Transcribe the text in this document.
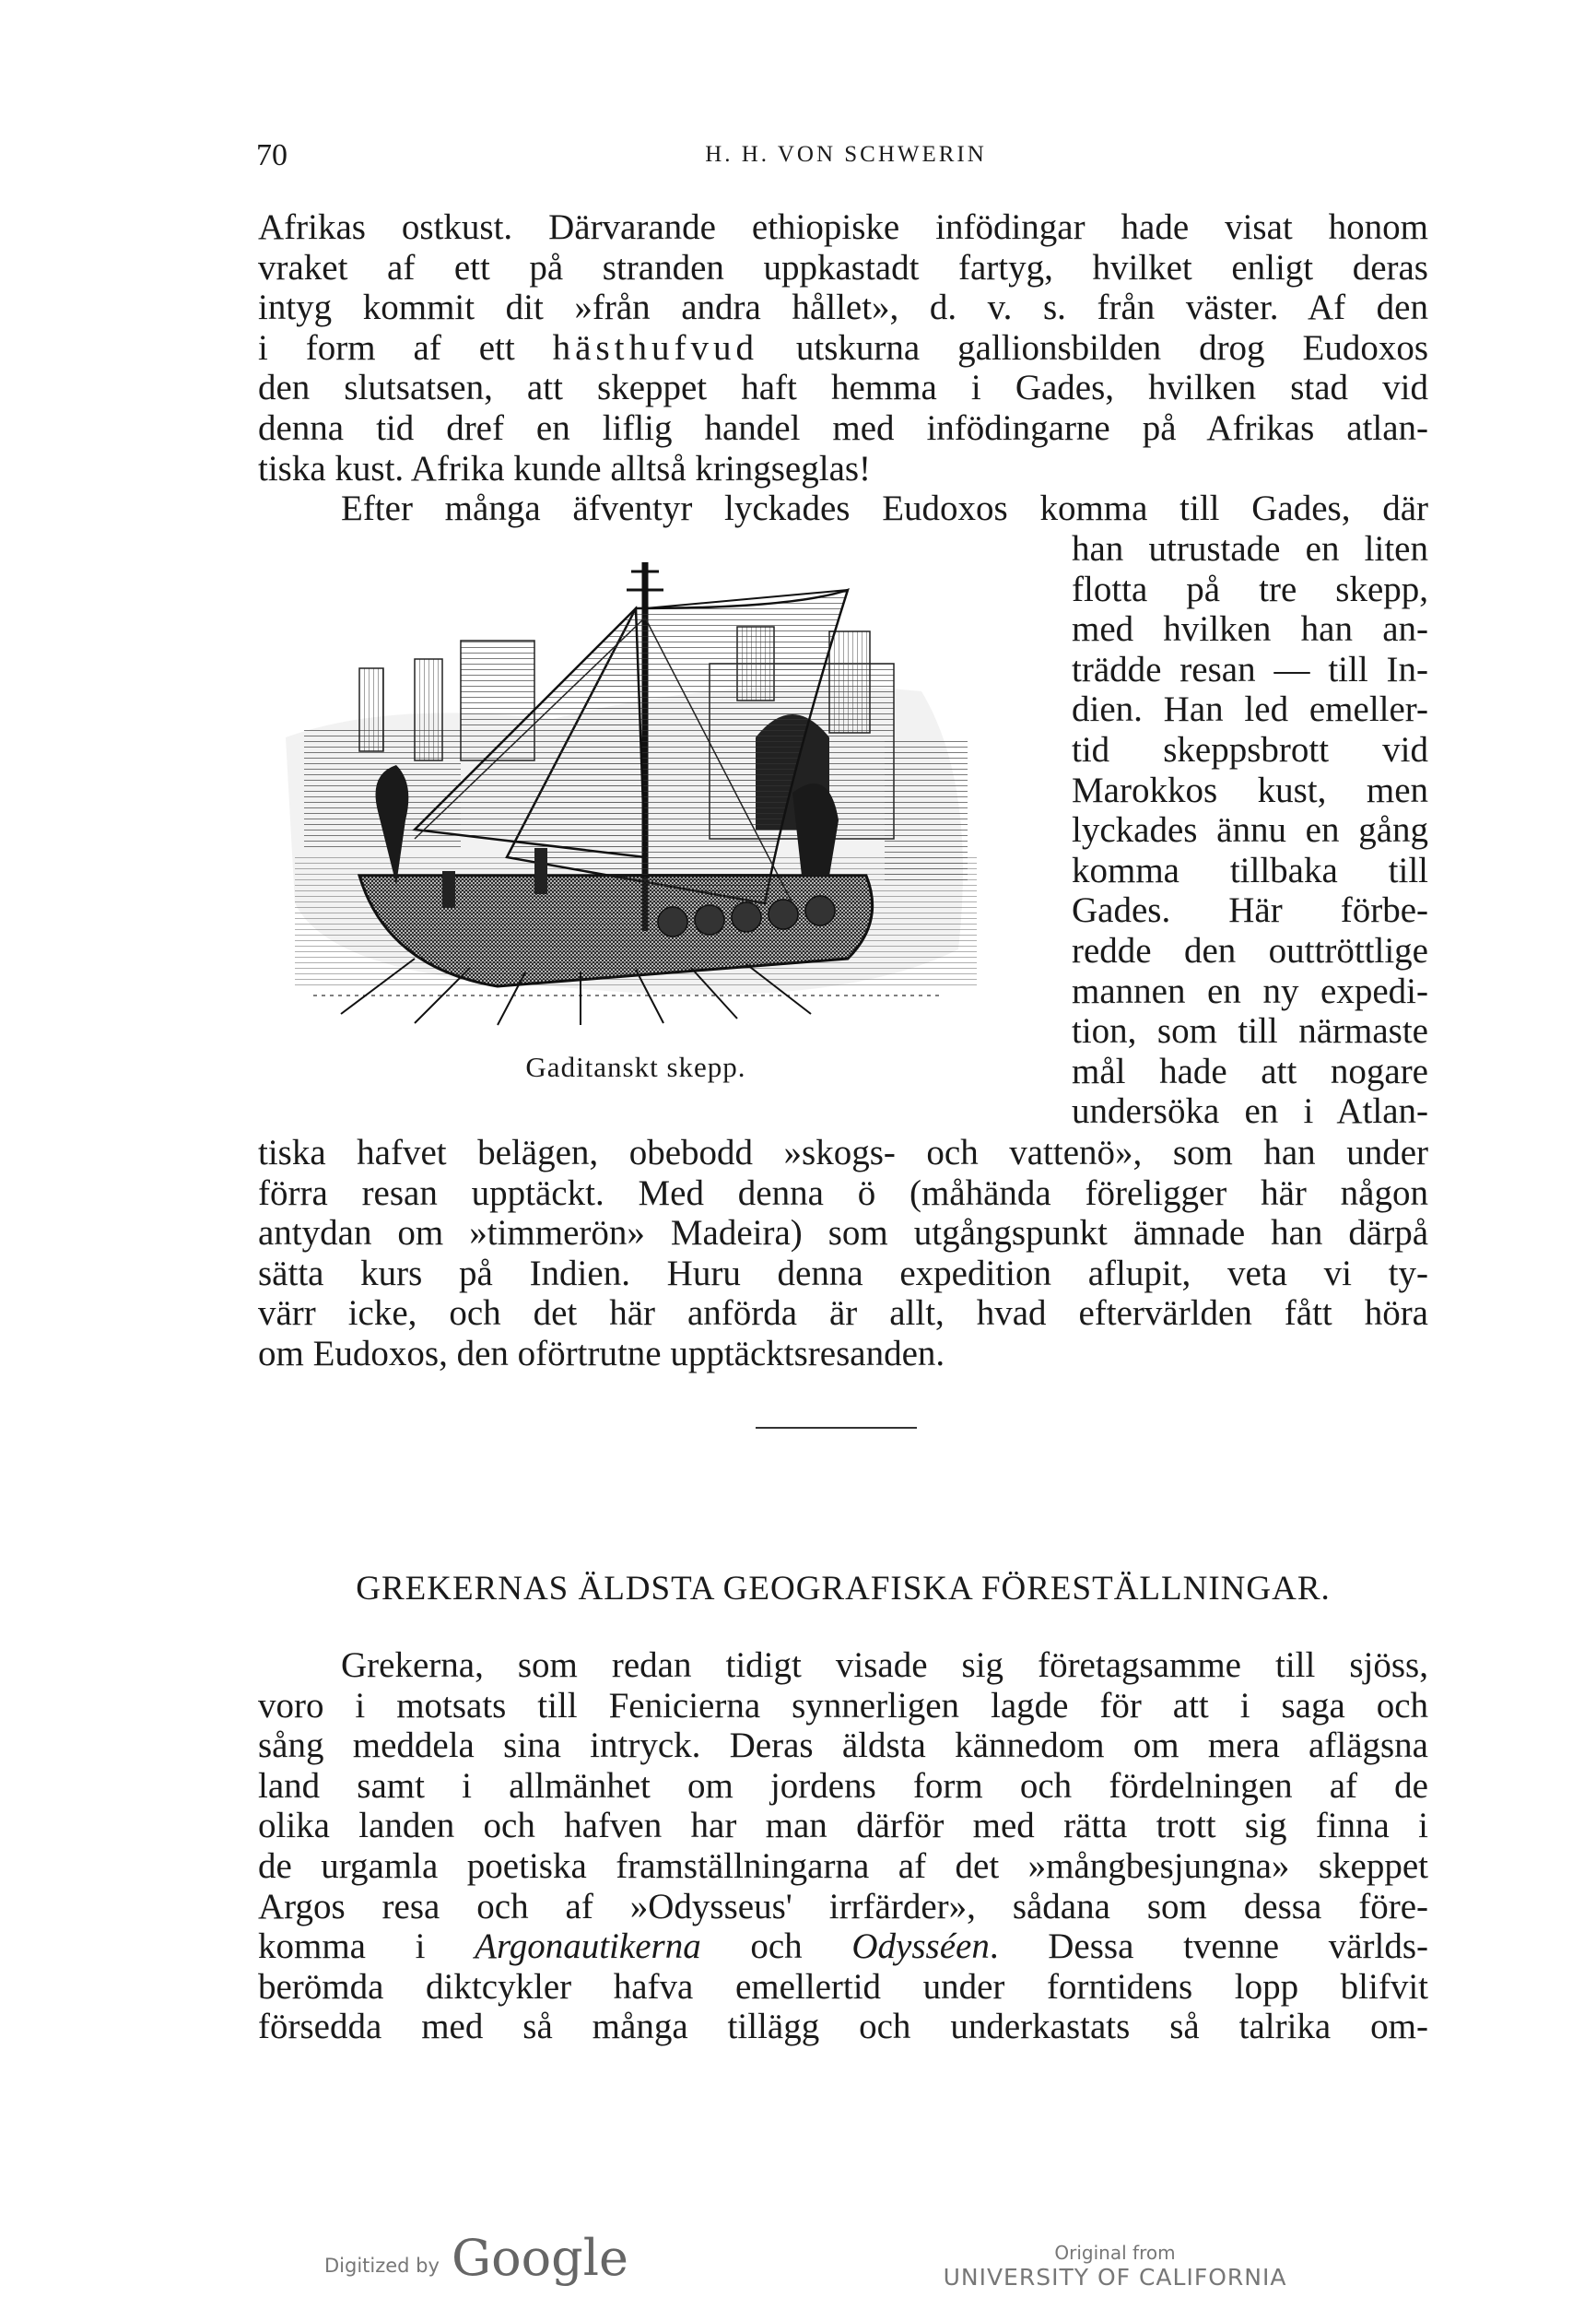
70	H. H. VON SCHWERIN
Afrikas ostkust. Därvarande ethiopiske infödingar hade visat honom
vraket af ett på stranden uppkastadt fartyg, hvilket enligt deras
intyg kommit dit »från andra hållet», d. v. s. från väster. Af den
i form af ett hästhufvud utskurna gallionsbilden drog Eudoxos
den slutsatsen, att skeppet haft hemma i Gades, hvilken stad vid
denna tid dref en liflig handel med infödingarne på Afrikas atlan-
tiska kust. Afrika kunde alltså kringseglas!
Efter många äfventyr lyckades Eudoxos komma till Gades, där
Gaditanskt skepp.
han utrustade en liten
flotta på tre skepp,
med hvilken han an-
trädde resan — till In-
dien. Han led emeller-
tid skeppsbrott vid
Marokkos kust, men
lyckades ännu en gång
komma tillbaka till
Gades. Här förbe-
redde den outtröttlige
mannen en ny expedi-
tion, som till närmaste
mål hade att nogare
undersöka en i Atlan-
tiska hafvet belägen, obebodd »skogs- och vattenö», som han under
förra resan upptäckt. Med denna ö (måhända föreligger här någon
antydan om »timmerön» Madeira) som utgångspunkt ämnade han därpå
sätta kurs på Indien. Huru denna expedition aflupit, veta vi ty-
värr icke, och det här anförda är allt, hvad eftervärlden fått höra
om Eudoxos, den oförtrutne upptäcktsresanden.
GREKERNAS ÄLDSTA GEOGRAFISKA FÖRESTÄLLNINGAR.
Grekerna, som redan tidigt visade sig företagsamme till sjöss,
voro i motsats till Fenicierna synnerligen lagde för att i saga och
sång meddela sina intryck. Deras äldsta kännedom om mera aflägsna
land samt i allmänhet om jordens form och fördelningen af de
olika landen och hafven har man därför med rätta trott sig finna i
de urgamla poetiska framställningarna af det »mångbesjungna» skeppet
Argos resa och af »Odysseus' irrfärder», sådana som dessa före-
komma i Argonautikerna och Odysséen. Dessa tvenne världs-
berömda diktcykler hafva emellertid under forntidens lopp blifvit
försedda med så många tillägg och underkastats så talrika om-
Digitized by Google	Original from
UNIVERSITY OF CALIFORNIA
